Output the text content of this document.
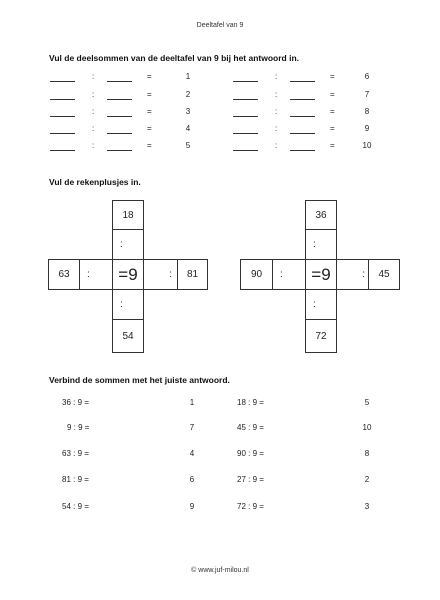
Deeltafel van 9
Vul de deelsommen van de deeltafel van 9 bij het antwoord in.
:	=	1
:	=	2
:	=	3
:	=	4
:	=	5
:	=	6
:	=	7
:	=	8
:	=	9
:	=	10
Vul de rekenplusjes in.
18
:
63	:	=9	:	81
:
54
36
:
90	:	=9	:	45
:
72
Verbind de sommen met het juiste antwoord.
36 : 9 =	1
9 : 9 =	7
63 : 9 =	4
81 : 9 =	6
54 : 9 =	9
18 : 9 =	5
45 : 9 =	10
90 : 9 =	8
27 : 9 =	2
72 : 9 =	3
© www.juf-milou.nl
